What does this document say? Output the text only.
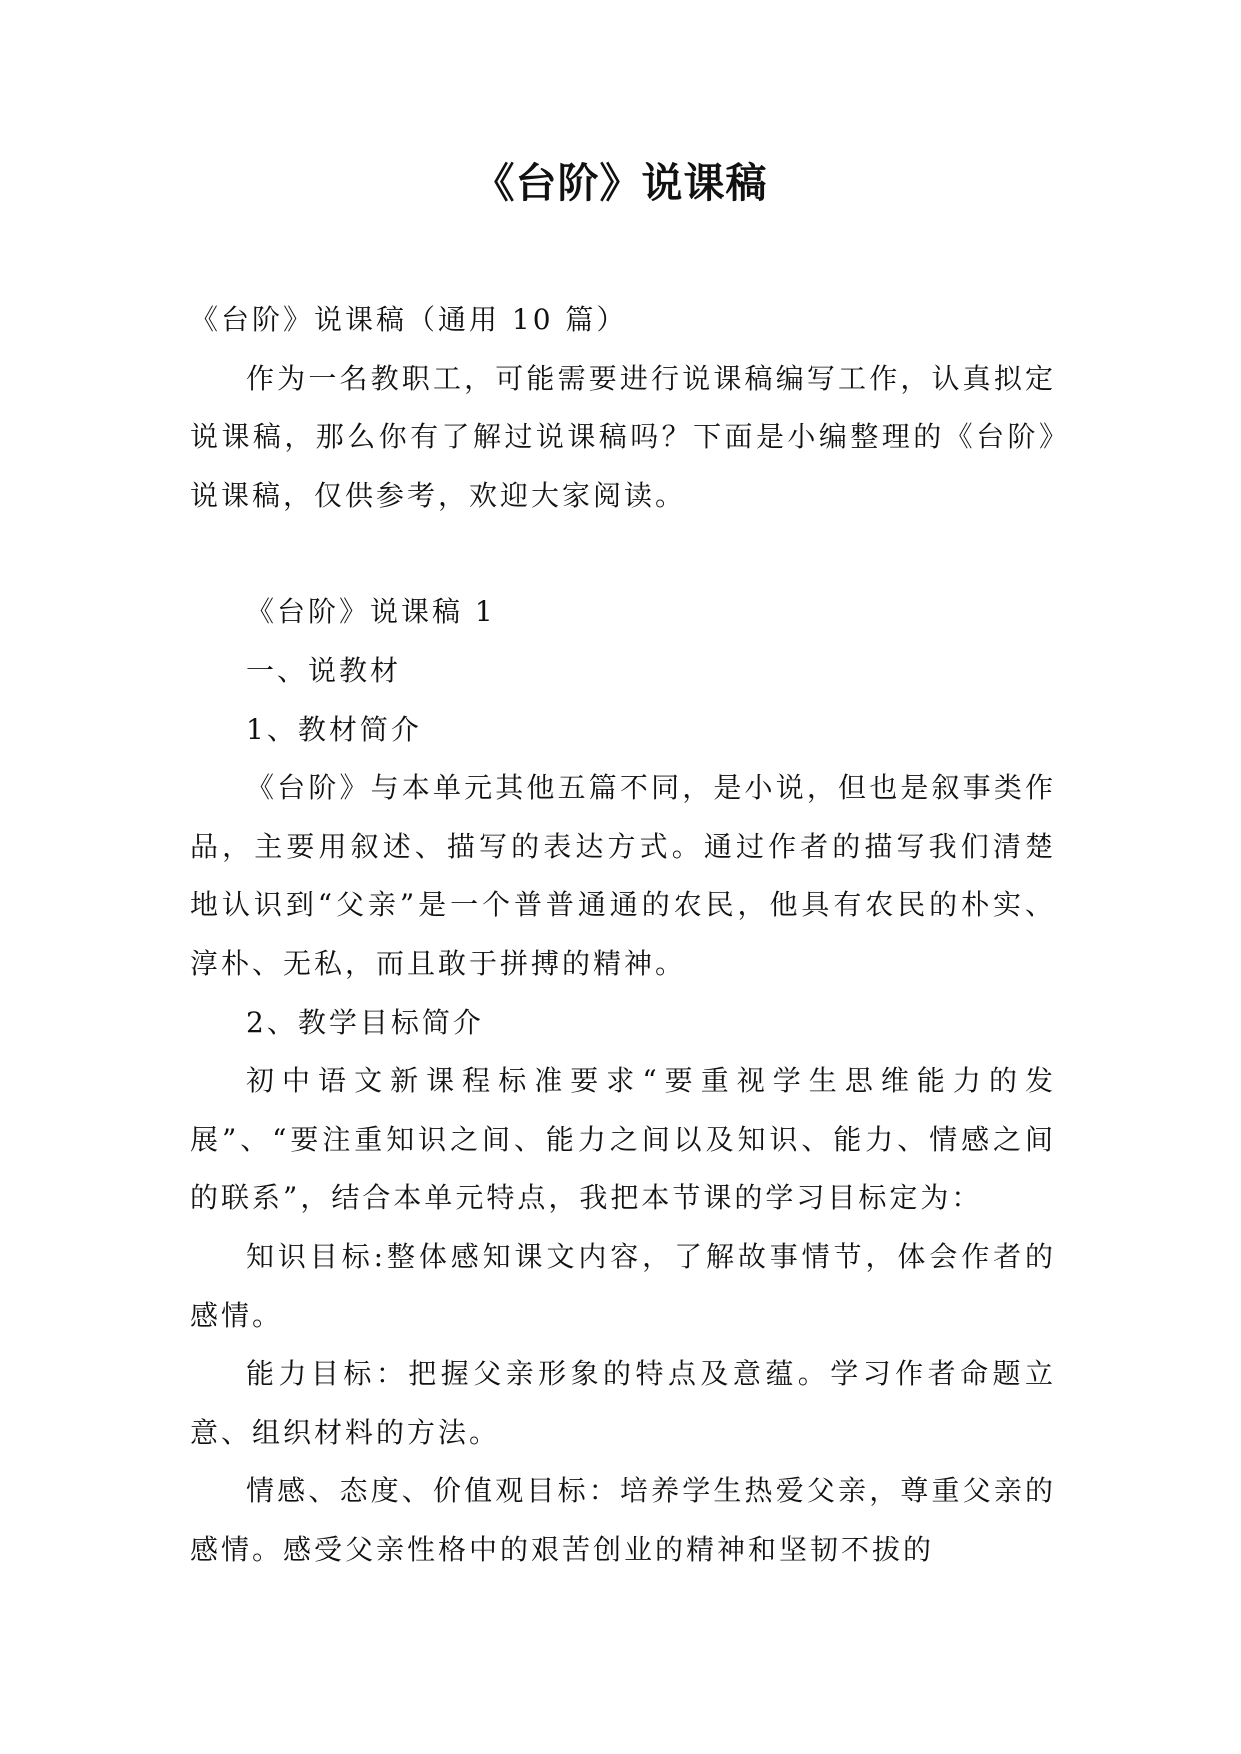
《台阶》说课稿

《台阶》说课稿（通用 10 篇）

作为一名教职工，可能需要进行说课稿编写工作，认真拟定说课稿，那么你有了解过说课稿吗？下面是小编整理的《台阶》说课稿，仅供参考，欢迎大家阅读。

《台阶》说课稿 1

一、说教材

1、教材简介

《台阶》与本单元其他五篇不同，是小说，但也是叙事类作品，主要用叙述、描写的表达方式。通过作者的描写我们清楚地认识到“父亲”是一个普普通通的农民，他具有农民的朴实、淳朴、无私，而且敢于拼搏的精神。

2、教学目标简介

初中语文新课程标准要求“要重视学生思维能力的发展”、“要注重知识之间、能力之间以及知识、能力、情感之间的联系”，结合本单元特点，我把本节课的学习目标定为：

知识目标:整体感知课文内容，了解故事情节，体会作者的感情。

能力目标：把握父亲形象的特点及意蕴。学习作者命题立意、组织材料的方法。

情感、态度、价值观目标：培养学生热爱父亲，尊重父亲的感情。感受父亲性格中的艰苦创业的精神和坚韧不拔的
